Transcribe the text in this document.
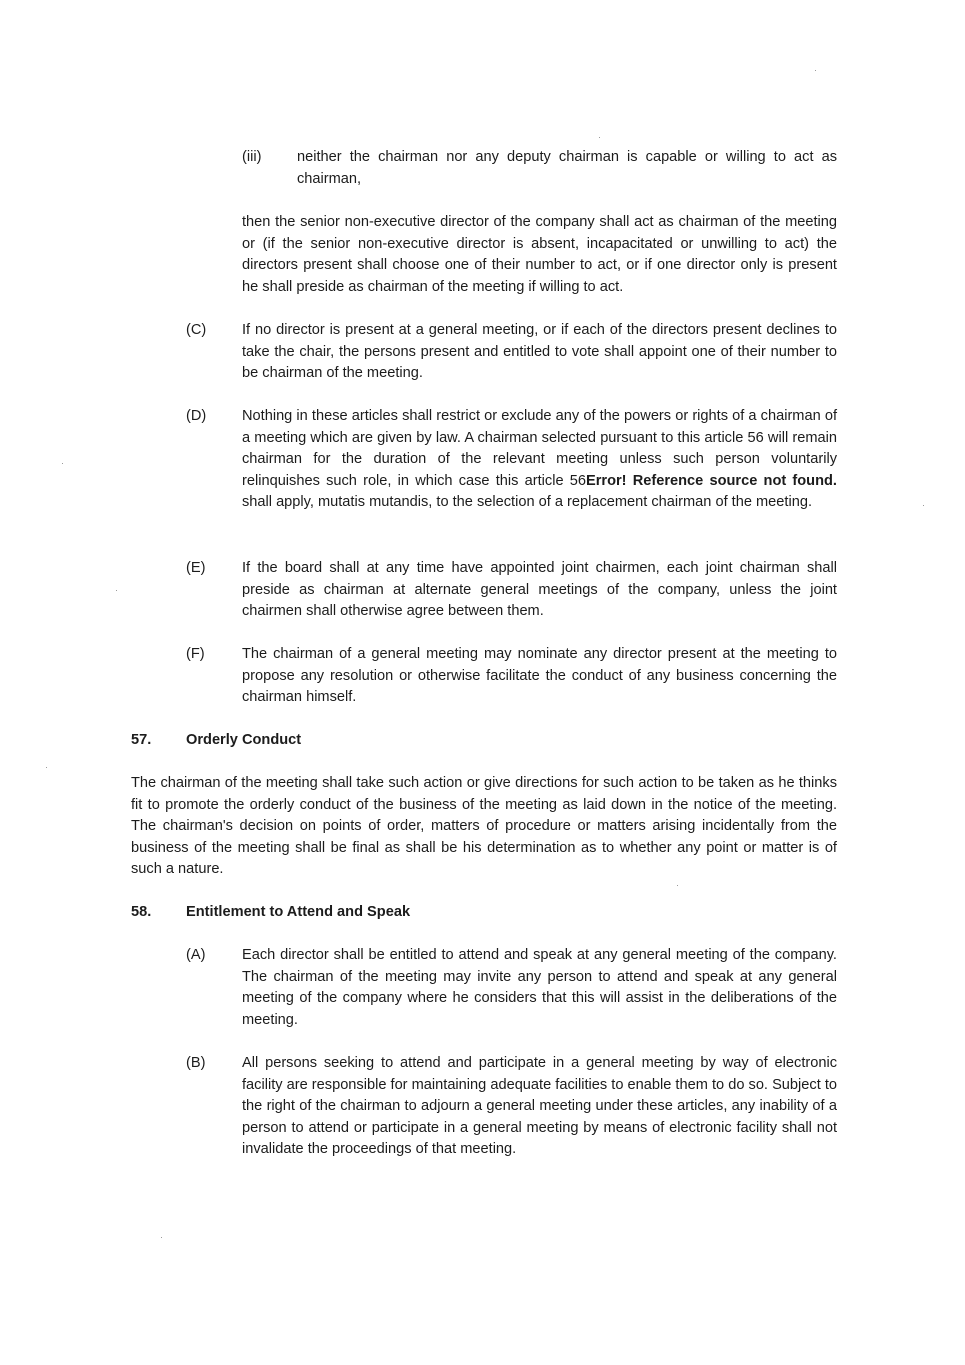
(iii) neither the chairman nor any deputy chairman is capable or willing to act as chairman,
then the senior non-executive director of the company shall act as chairman of the meeting or (if the senior non-executive director is absent, incapacitated or unwilling to act) the directors present shall choose one of their number to act, or if one director only is present he shall preside as chairman of the meeting if willing to act.
(C) If no director is present at a general meeting, or if each of the directors present declines to take the chair, the persons present and entitled to vote shall appoint one of their number to be chairman of the meeting.
(D) Nothing in these articles shall restrict or exclude any of the powers or rights of a chairman of a meeting which are given by law. A chairman selected pursuant to this article 56 will remain chairman for the duration of the relevant meeting unless such person voluntarily relinquishes such role, in which case this article 56Error! Reference source not found. shall apply, mutatis mutandis, to the selection of a replacement chairman of the meeting.
(E)	If the board shall at any time have appointed joint chairmen, each joint chairman shall preside as chairman at alternate general meetings of the company, unless the joint chairmen shall otherwise agree between them.
(F)	The chairman of a general meeting may nominate any director present at the meeting to propose any resolution or otherwise facilitate the conduct of any business concerning the chairman himself.
57. Orderly Conduct
The chairman of the meeting shall take such action or give directions for such action to be taken as he thinks fit to promote the orderly conduct of the business of the meeting as laid down in the notice of the meeting. The chairman's decision on points of order, matters of procedure or matters arising incidentally from the business of the meeting shall be final as shall be his determination as to whether any point or matter is of such a nature.
58. Entitlement to Attend and Speak
(A)	Each director shall be entitled to attend and speak at any general meeting of the company. The chairman of the meeting may invite any person to attend and speak at any general meeting of the company where he considers that this will assist in the deliberations of the meeting.
(B)	All persons seeking to attend and participate in a general meeting by way of electronic facility are responsible for maintaining adequate facilities to enable them to do so. Subject to the right of the chairman to adjourn a general meeting under these articles, any inability of a person to attend or participate in a general meeting by means of electronic facility shall not invalidate the proceedings of that meeting.
